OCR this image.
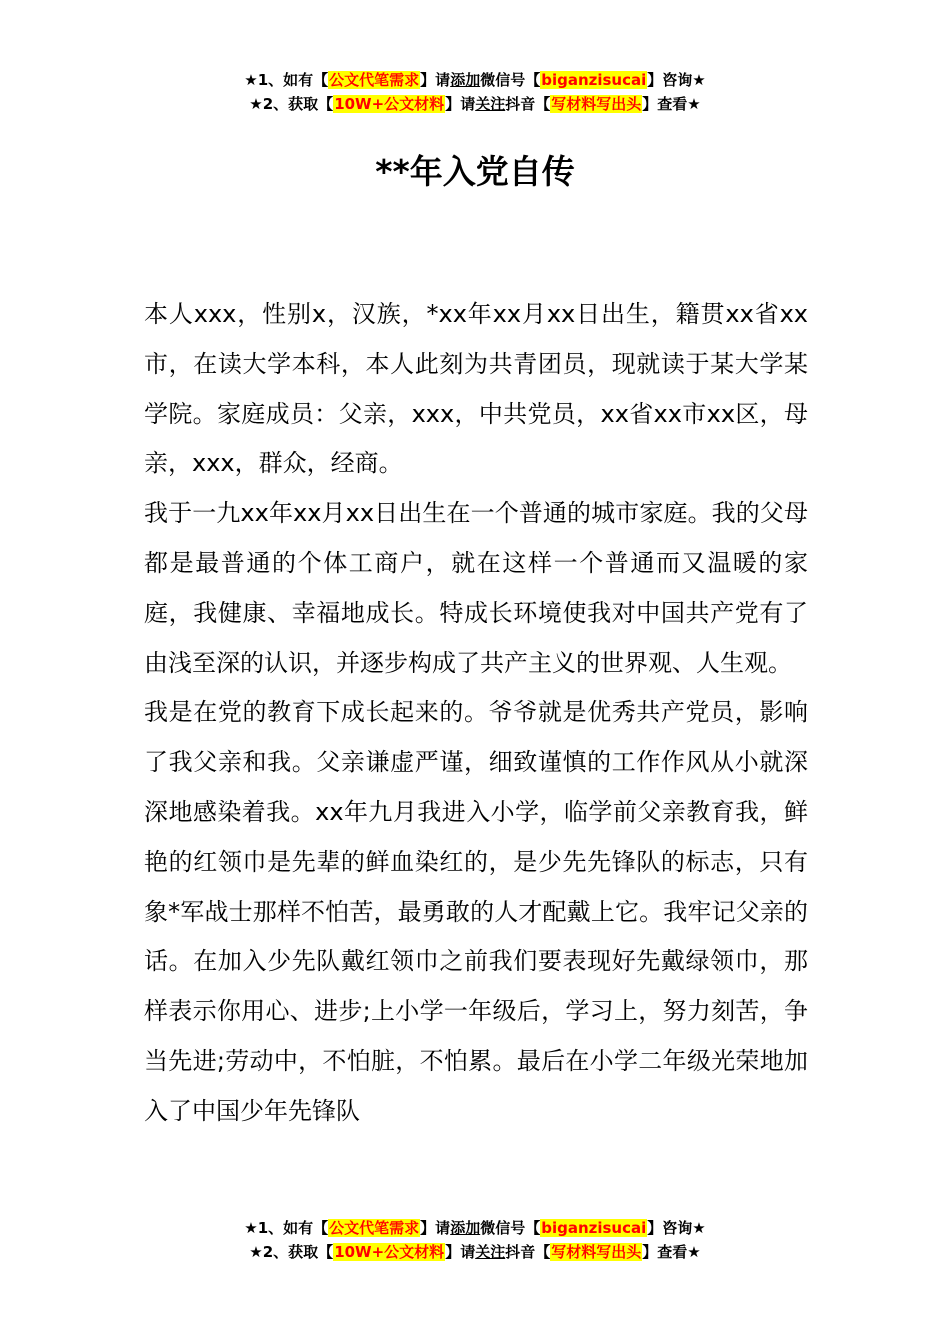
★1、如有【公文代笔需求】请添加微信号【biganzisucai】咨询★
★2、获取【10W+公文材料】请关注抖音【写材料写出头】查看★
**年入党自传

本人xxx，性别x，汉族，*xx年xx月xx日出生，籍贯xx省xx市，在读大学本科，本人此刻为共青团员，现就读于某大学某学院。家庭成员：父亲，xxx，中共党员，xx省xx市xx区，母亲，xxx，群众，经商。

我于一九xx年xx月xx日出生在一个普通的城市家庭。我的父母都是最普通的个体工商户，就在这样一个普通而又温暖的家庭，我健康、幸福地成长。特成长环境使我对中国共产党有了由浅至深的认识，并逐步构成了共产主义的世界观、人生观。

我是在党的教育下成长起来的。爷爷就是优秀共产党员，影响了我父亲和我。父亲谦虚严谨，细致谨慎的工作作风从小就深深地感染着我。xx年九月我进入小学，临学前父亲教育我，鲜艳的红领巾是先辈的鲜血染红的，是少先先锋队的标志，只有象*军战士那样不怕苦，最勇敢的人才配戴上它。我牢记父亲的话。在加入少先队戴红领巾之前我们要表现好先戴绿领巾，那样表示你用心、进步;上小学一年级后，学习上，努力刻苦，争当先进;劳动中，不怕脏，不怕累。最后在小学二年级光荣地加入了中国少年先锋队

★1、如有【公文代笔需求】请添加微信号【biganzisucai】咨询★
★2、获取【10W+公文材料】请关注抖音【写材料写出头】查看★
